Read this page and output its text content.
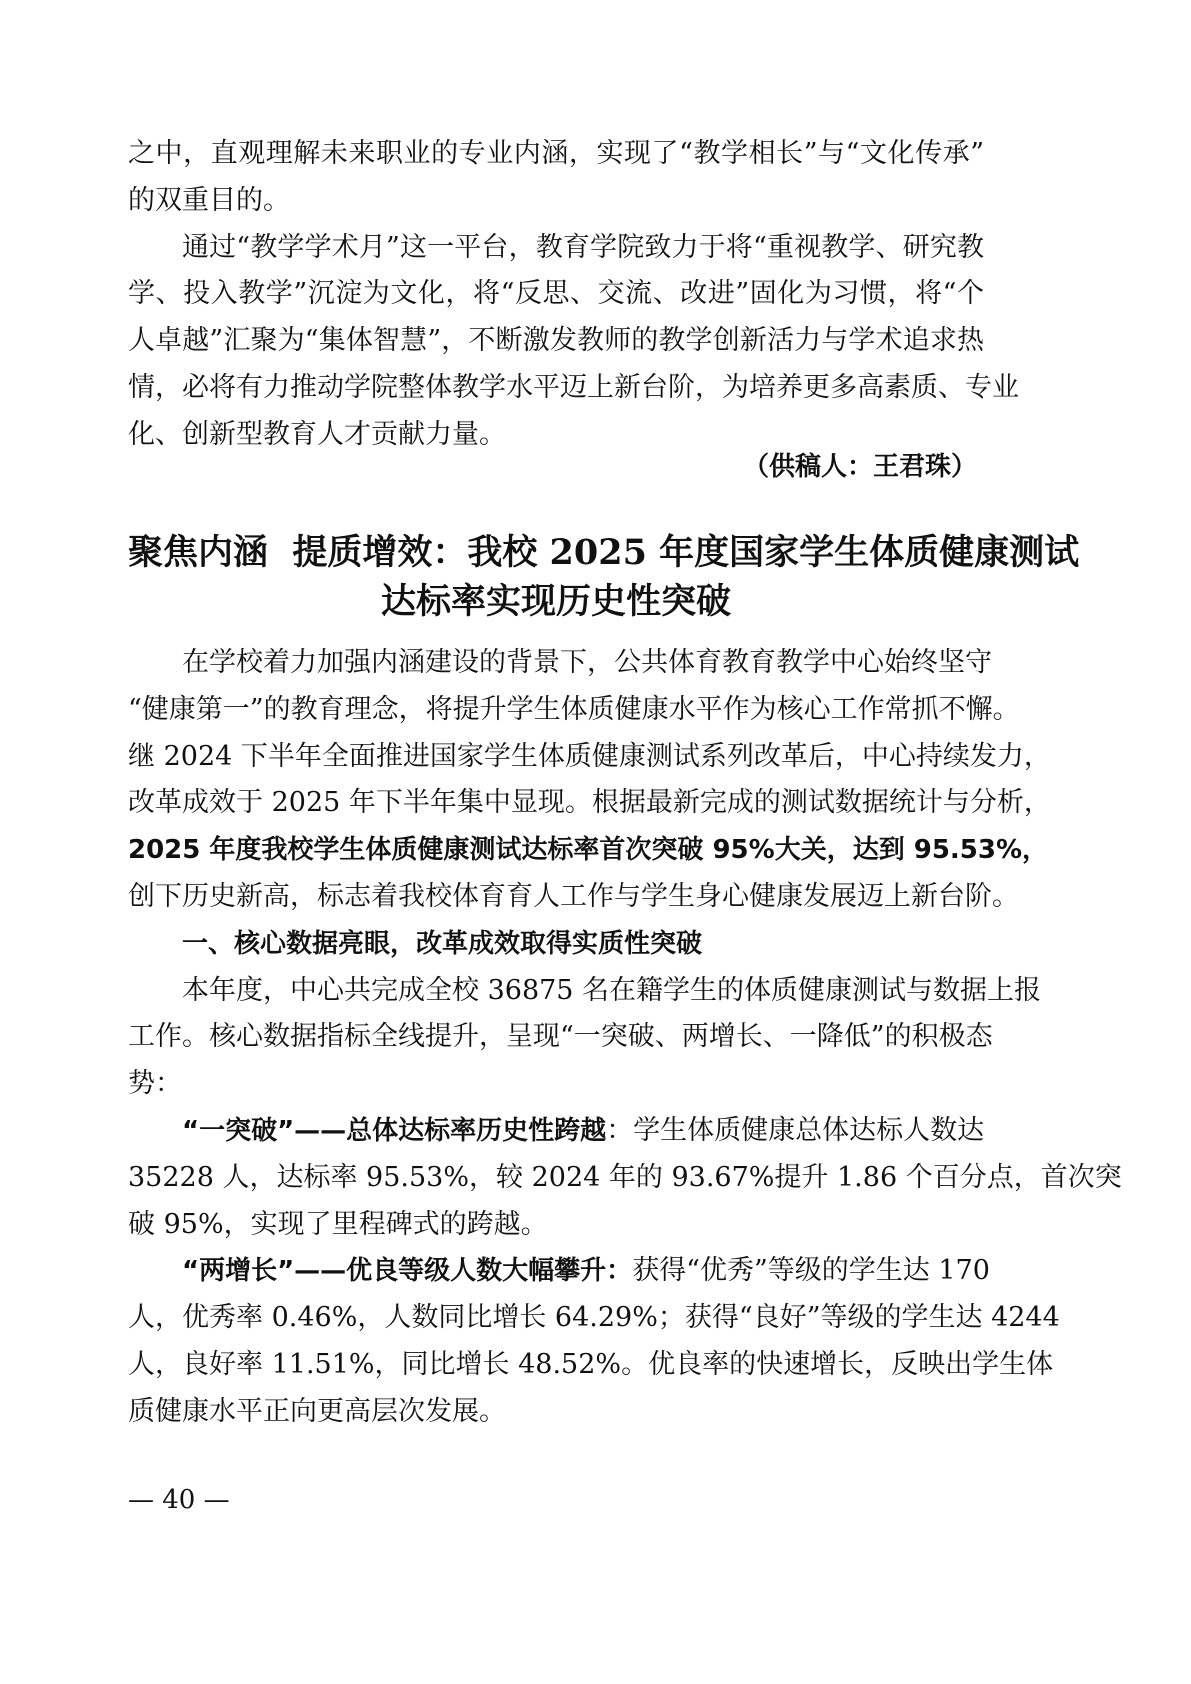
之中，直观理解未来职业的专业内涵，实现了“教学相长”与“文化传承”
的双重目的。
通过“教学学术月”这一平台，教育学院致力于将“重视教学、研究教
学、投入教学”沉淀为文化，将“反思、交流、改进”固化为习惯，将“个
人卓越”汇聚为“集体智慧”，不断激发教师的教学创新活力与学术追求热
情，必将有力推动学院整体教学水平迈上新台阶，为培养更多高素质、专业
化、创新型教育人才贡献力量。
（供稿人：王君珠）
聚焦内涵  提质增效：我校 2025 年度国家学生体质健康测试
达标率实现历史性突破
在学校着力加强内涵建设的背景下，公共体育教育教学中心始终坚守
“健康第一”的教育理念，将提升学生体质健康水平作为核心工作常抓不懈。
继 2024 下半年全面推进国家学生体质健康测试系列改革后，中心持续发力，
改革成效于 2025 年下半年集中显现。根据最新完成的测试数据统计与分析，
2025 年度我校学生体质健康测试达标率首次突破 95%大关，达到 95.53%，
创下历史新高，标志着我校体育育人工作与学生身心健康发展迈上新台阶。
一、核心数据亮眼，改革成效取得实质性突破
本年度，中心共完成全校 36875 名在籍学生的体质健康测试与数据上报
工作。核心数据指标全线提升，呈现“一突破、两增长、一降低”的积极态
势：
“一突破”——总体达标率历史性跨越：学生体质健康总体达标人数达
35228 人，达标率 95.53%，较 2024 年的 93.67%提升 1.86 个百分点，首次突
破 95%，实现了里程碑式的跨越。
“两增长”——优良等级人数大幅攀升：获得“优秀”等级的学生达 170
人，优秀率 0.46%，人数同比增长 64.29%；获得“良好”等级的学生达 4244
人，良好率 11.51%，同比增长 48.52%。优良率的快速增长，反映出学生体
质健康水平正向更高层次发展。
— 40 —
